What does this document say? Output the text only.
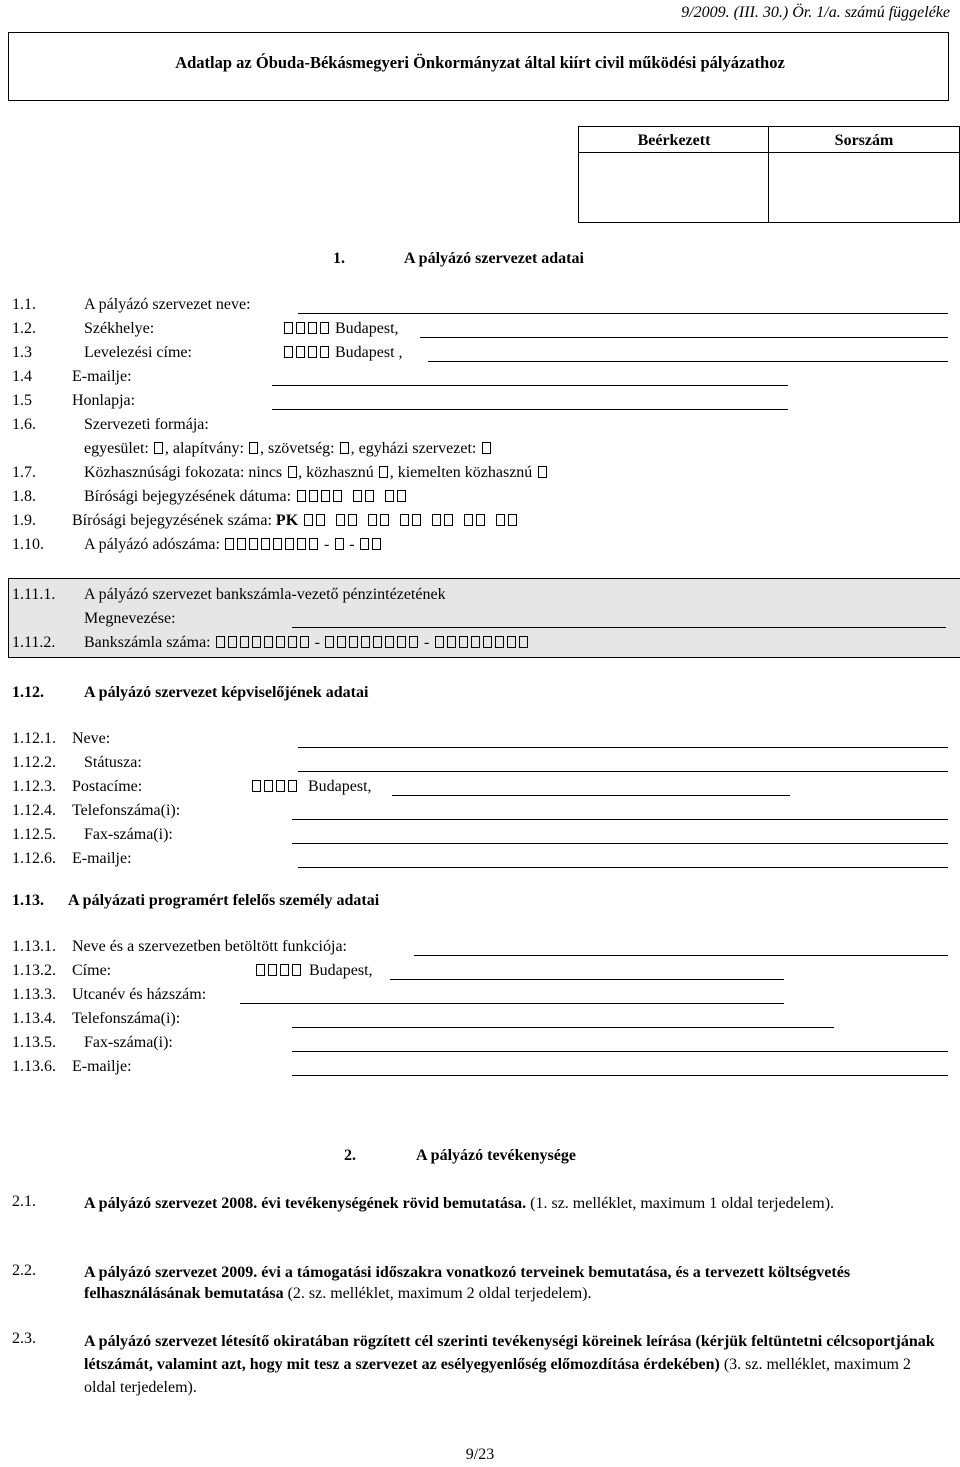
9/2009. (III. 30.) Ör. 1/a. számú függeléke
Adatlap az Óbuda-Békásmegyeri Önkormányzat által kiírt civil működési pályázathoz
Beérkezett	Sorszám
1.	A pályázó szervezet adatai
1.1.	A pályázó szervezet neve:
1.2.	Székhelye:	Budapest,
1.3	Levelezési címe:	Budapest ,
1.4	E-mailje:
1.5	Honlapja:
1.6.	Szervezeti formája:
egyesület: , alapítvány: , szövetség: , egyházi szervezet:
1.7.	Közhasznúsági fokozata: nincs , közhasznú , kiemelten közhasznú
1.8.	Bírósági bejegyzésének dátuma:
1.9. Bírósági bejegyzésének száma: PK
1.10.	A pályázó adószáma:	- -
1.11.1. A pályázó szervezet bankszámla-vezető pénzintézetének
Megnevezése:
1.11.2. Bankszámla száma:	-	-
1.12.	A pályázó szervezet képviselőjének adatai
1.12.1. Neve:
1.12.2. Státusza:
1.12.3. Postacíme:	Budapest,
1.12.4. Telefonszáma(i):
1.12.5. Fax-száma(i):
1.12.6. E-mailje:
1.13. A pályázati programért felelős személy adatai
1.13.1. Neve és a szervezetben betöltött funkciója:
1.13.2. Címe:	Budapest,
1.13.3. Utcanév és házszám:
1.13.4. Telefonszáma(i):
1.13.5. Fax-száma(i):
1.13.6. E-mailje:
2.	A pályázó tevékenysége
2.1.	A pályázó szervezet 2008. évi tevékenységének rövid bemutatása. (1. sz. melléklet, maximum 1 oldal terjedelem).
2.2.	A pályázó szervezet 2009. évi a támogatási időszakra vonatkozó terveinek bemutatása, és a tervezett költségvetés felhasználásának bemutatása (2. sz. melléklet, maximum 2 oldal terjedelem).
2.3.	A pályázó szervezet létesítő okiratában rögzített cél szerinti tevékenységi köreinek leírása (kérjük feltüntetni célcsoportjának létszámát, valamint azt, hogy mit tesz a szervezet az esélyegyenlőség előmozdítása érdekében) (3. sz. melléklet, maximum 2 oldal terjedelem).
9/23
